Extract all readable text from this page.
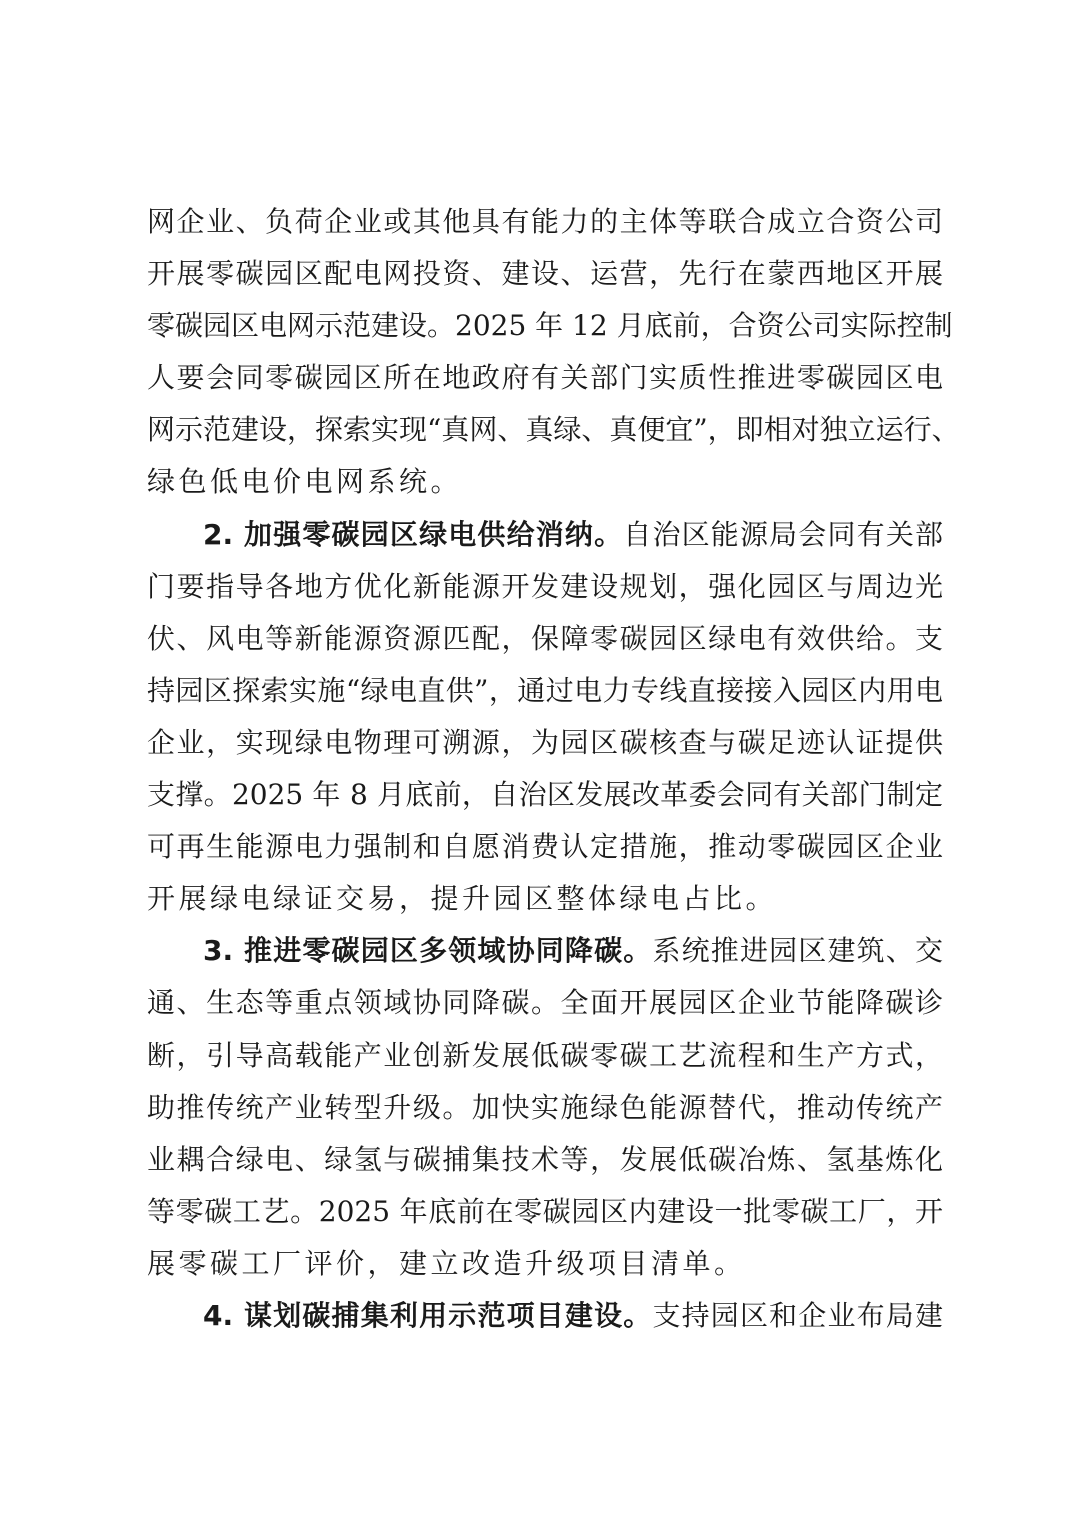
网企业、负荷企业或其他具有能力的主体等联合成立合资公司
开展零碳园区配电网投资、建设、运营，先行在蒙西地区开展
零碳园区电网示范建设。2025 年 12 月底前，合资公司实际控制
人要会同零碳园区所在地政府有关部门实质性推进零碳园区电
网示范建设，探索实现“真网、真绿、真便宜”，即相对独立运行、
绿色低电价电网系统。
2. 加强零碳园区绿电供给消纳。自治区能源局会同有关部
门要指导各地方优化新能源开发建设规划，强化园区与周边光
伏、风电等新能源资源匹配，保障零碳园区绿电有效供给。支
持园区探索实施“绿电直供”，通过电力专线直接接入园区内用电
企业，实现绿电物理可溯源，为园区碳核查与碳足迹认证提供
支撑。2025 年 8 月底前，自治区发展改革委会同有关部门制定
可再生能源电力强制和自愿消费认定措施，推动零碳园区企业
开展绿电绿证交易，提升园区整体绿电占比。
3. 推进零碳园区多领域协同降碳。系统推进园区建筑、交
通、生态等重点领域协同降碳。全面开展园区企业节能降碳诊
断，引导高载能产业创新发展低碳零碳工艺流程和生产方式，
助推传统产业转型升级。加快实施绿色能源替代，推动传统产
业耦合绿电、绿氢与碳捕集技术等，发展低碳冶炼、氢基炼化
等零碳工艺。2025 年底前在零碳园区内建设一批零碳工厂，开
展零碳工厂评价，建立改造升级项目清单。
4. 谋划碳捕集利用示范项目建设。支持园区和企业布局建
